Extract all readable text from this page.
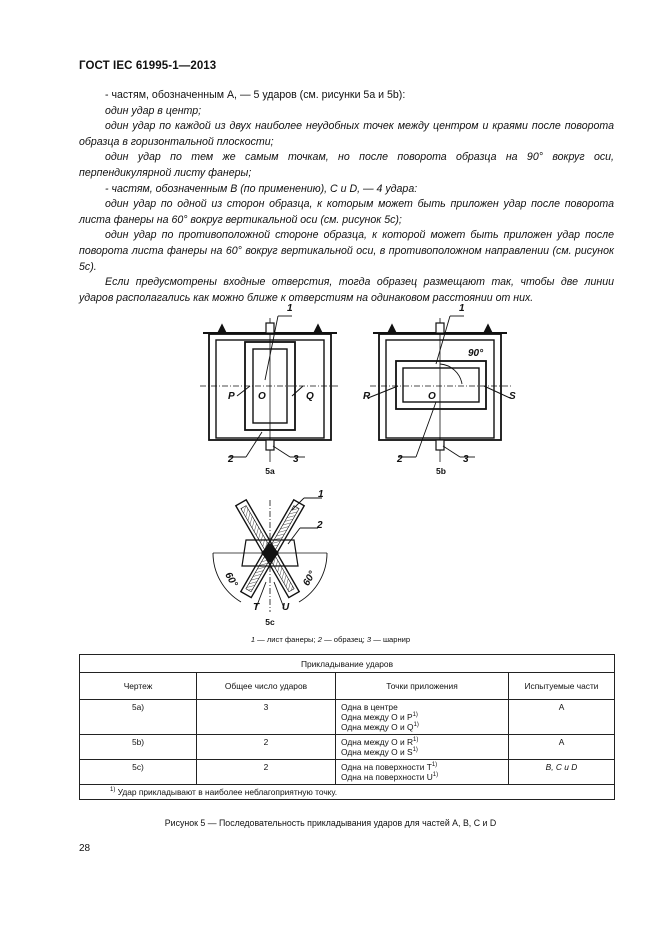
ГОСТ IEC 61995-1—2013

- частям, обозначенным А, — 5 ударов (см. рисунки 5а и 5b):

один удар в центр;

один удар по каждой из двух наиболее неудобных точек между центром и краями после поворота образца в горизонтальной плоскости;

один удар по тем же самым точкам, но после поворота образца на 90° вокруг оси, перпендикулярной листу фанеры;

- частям, обозначенным В (по применению), С и D, — 4 удара:

один удар по одной из сторон образца, к которым может быть приложен удар после поворота листа фанеры на 60° вокруг вертикальной оси (см. рисунок 5с);

один удар по противоположной стороне образца, к которой может быть приложен удар после поворота листа фанеры на 60° вокруг вертикальной оси, в противоположном направлении (см. рисунок 5с).

Если предусмотрены входные отверстия, тогда образец размещают так, чтобы две линии ударов располагались как можно ближе к отверстиям на одинаковом расстоянии от них.

1
O
P	Q
2	3
1
O
R	S
90°
2	3
1
2
60°	60°
T U
5a	5b
5c
1 — лист фанеры; 2 — образец; 3 — шарнир
Прикладывание ударов			
Чертеж	Общее число ударов	Точки приложения	Испытуемые части
5a)	3	Одна в центре
Одна между O и $P^{1)}$
Одна между O и $Q^{1)}$	A
5b)	2	Одна между O и $R^{1)}$
Одна между O и $S^{1)}$	A
5c)	2	Одна на поверхности $T^{1)}$
Одна на поверхности $U^{1)}$	B, C и D
$^{1)}$ Удар прикладывают в наиболее неблагоприятную точку.			
Рисунок 5 — Последовательность прикладывания ударов для частей A, B, C и D
28
